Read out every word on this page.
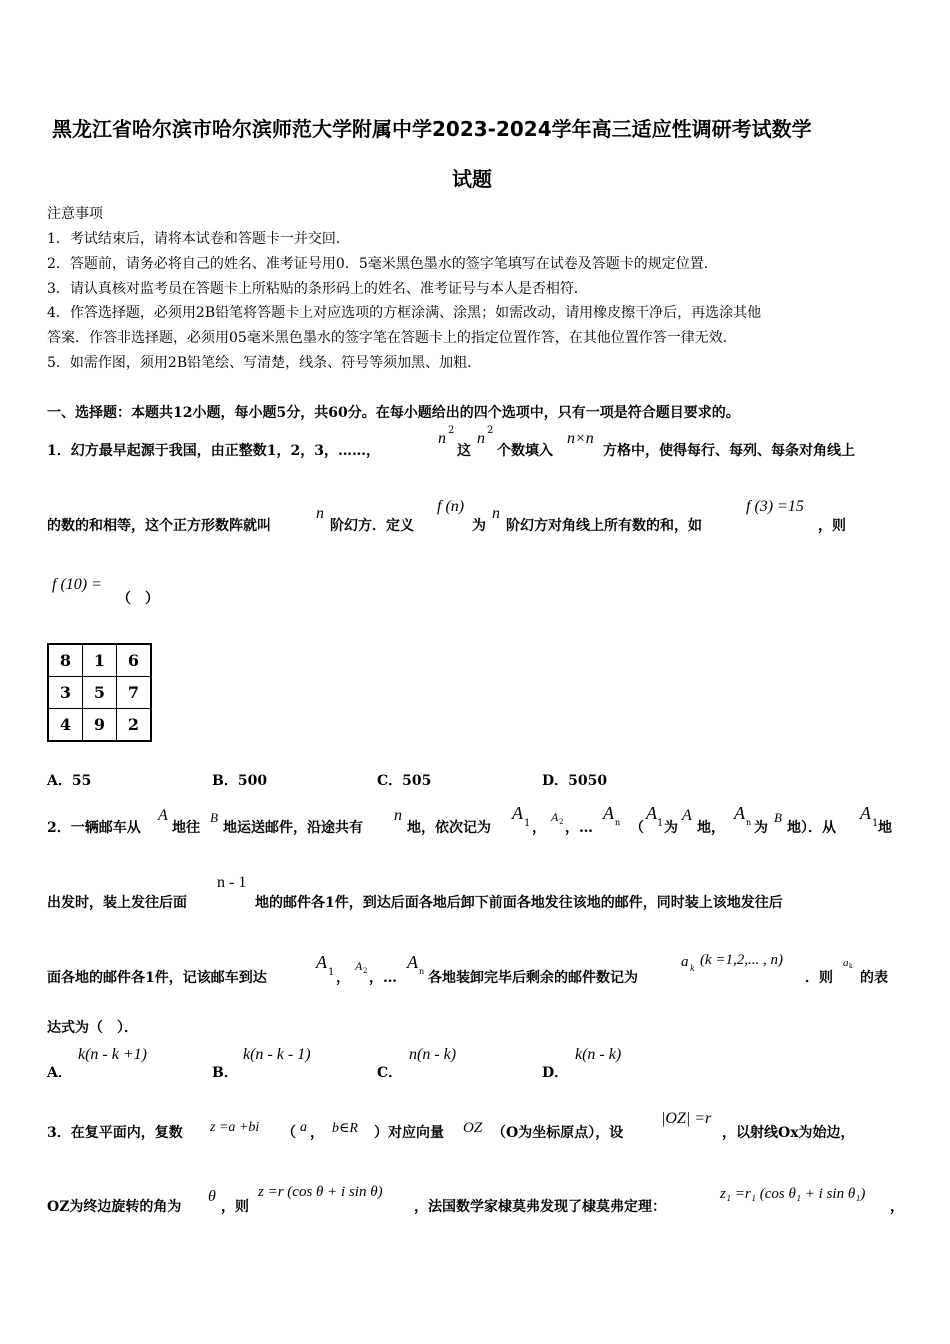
黑龙江省哈尔滨市哈尔滨师范大学附属中学2023-2024学年高三适应性调研考试数学
试题
注意事项
1．考试结束后，请将本试卷和答题卡一并交回．
2．答题前，请务必将自己的姓名、准考证号用0．5毫米黑色墨水的签字笔填写在试卷及答题卡的规定位置．
3．请认真核对监考员在答题卡上所粘贴的条形码上的姓名、准考证号与本人是否相符．
4．作答选择题，必须用2B铅笔将答题卡上对应选项的方框涂满、涂黑；如需改动，请用橡皮擦干净后，再选涂其他
答案．作答非选择题，必须用05毫米黑色墨水的签字笔在答题卡上的指定位置作答，在其他位置作答一律无效．
5．如需作图，须用2B铅笔绘、写清楚，线条、符号等须加黑、加粗．
一、选择题：本题共12小题，每小题5分，共60分。在每小题给出的四个选项中，只有一项是符合题目要求的。
1．幻方最早起源于我国，由正整数1，2，3，……，
n 2
这
n 2
个数填入
n×n
方格中，使得每行、每列、每条对角线上
的数的和相等，这个正方形数阵就叫
n
阶幻方．定义
f (n)
为
n
阶幻方对角线上所有数的和，如
f (3) =15
，则
f (10) =
（　）
8	1	6
3	5	7
4	9	2
A．55	B．500	C．505	D．5050
2．一辆邮车从
A
地往
B
地运送邮件，沿途共有
n
地，依次记为
A
1 ，
A 2 ，…
A n （
A
1 为
A
地，
A n 为
B
地）．从
A
1 地
出发时，装上发往后面
n - 1
地的邮件各1件，到达后面各地后卸下前面各地发往该地的邮件，同时装上该地发往后
面各地的邮件各1件，记该邮车到达
A
1 ，
A 2 ，…
A n 各地装卸完毕后剩余的邮件数记为
a k
(k =1,2,... , n)
．则
a k
的表
达式为（　）．
A．
k(n - k +1)
B．
k(n - k - 1)
C．
n(n - k)
D．
k(n - k)
3．在复平面内，复数 z =a +bi （ a ， b∈R ）对应向量 OZ （O为坐标原点），设
|OZ| =r
，以射线Ox为始边，
OZ为终边旋转的角为
θ
，则
z =r (cos θ + i sin θ)
，法国数学家棣莫弗发现了棣莫弗定理：
z₁ =r₁ (cos θ₁ + i sin θ₁)
，
